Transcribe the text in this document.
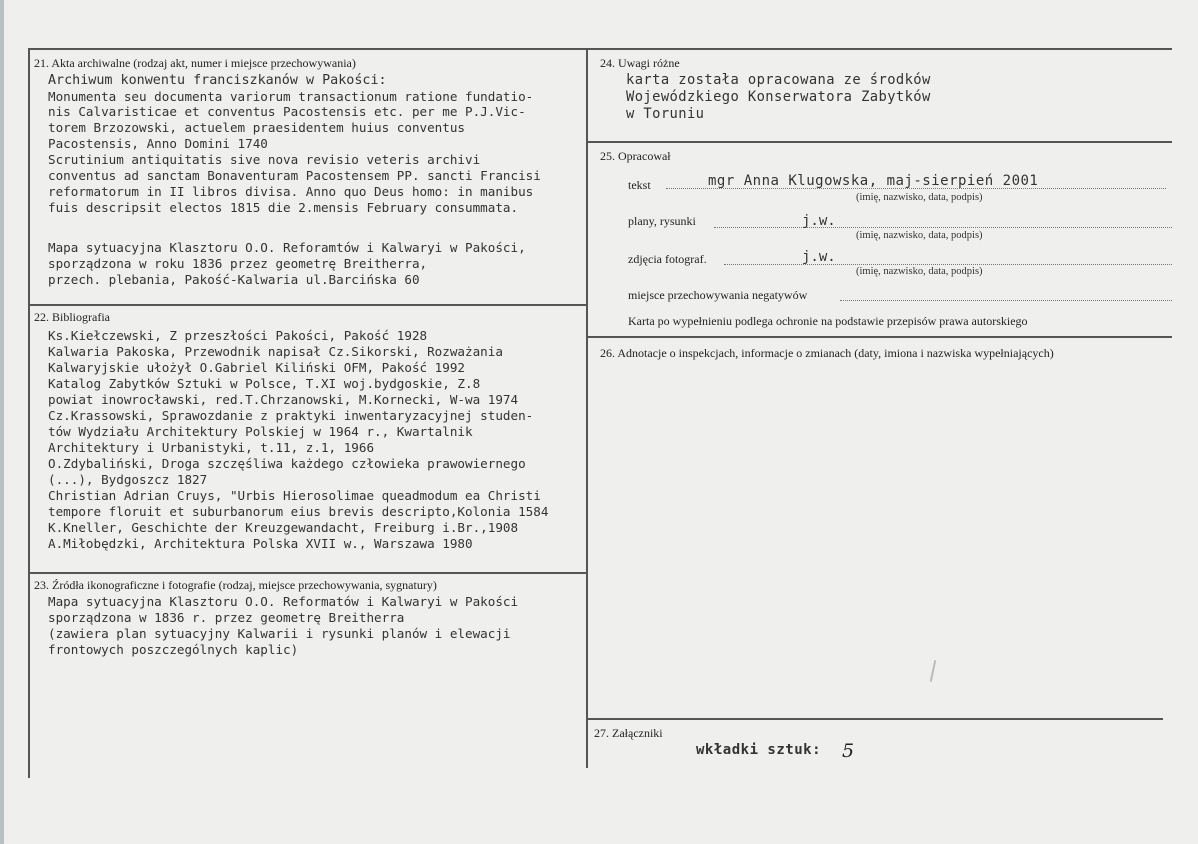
21. Akta archiwalne (rodzaj akt, numer i miejsce przechowywania)
Archiwum konwentu franciszkanów w Pakości:
Monumenta seu documenta variorum transactionum ratione fundatio-
nis Calvaristicae et conventus Pacostensis etc. per me P.J.Vic-
torem Brzozowski, actuelem praesidentem huius conventus
Pacostensis, Anno Domini 1740
Scrutinium antiquitatis sive nova revisio veteris archivi
conventus ad sanctam Bonaventuram Pacostensem PP. sancti Francisi
reformatorum in II libros divisa. Anno quo Deus homo: in manibus
fuis descripsit electos 1815 die 2.mensis February consummata.
Mapa sytuacyjna Klasztoru O.O. Reforamtów i Kalwaryi w Pakości,
sporządzona w roku 1836 przez geometrę Breitherra,
przech. plebania, Pakość-Kalwaria ul.Barcińska 60
22. Bibliografia
Ks.Kiełczewski, Z przeszłości Pakości, Pakość 1928
Kalwaria Pakoska, Przewodnik napisał Cz.Sikorski, Rozważania
Kalwaryjskie ułożył O.Gabriel Kiliński OFM, Pakość 1992
Katalog Zabytków Sztuki w Polsce, T.XI woj.bydgoskie, Z.8
powiat inowrocławski, red.T.Chrzanowski, M.Kornecki, W-wa 1974
Cz.Krassowski, Sprawozdanie z praktyki inwentaryzacyjnej studen-
tów Wydziału Architektury Polskiej w 1964 r., Kwartalnik
Architektury i Urbanistyki, t.11, z.1, 1966
O.Zdybaliński, Droga szczęśliwa każdego człowieka prawowiernego
(...), Bydgoszcz 1827
Christian Adrian Cruys, "Urbis Hierosolimae queadmodum ea Christi
tempore floruit et suburbanorum eius brevis descripto,Kolonia 1584
K.Kneller, Geschichte der Kreuzgewandacht, Freiburg i.Br.,1908
A.Miłobędzki, Architektura Polska XVII w., Warszawa 1980
23. Źródła ikonograficzne i fotografie (rodzaj, miejsce przechowywania, sygnatury)
Mapa sytuacyjna Klasztoru O.O. Reformatów i Kalwaryi w Pakości
sporządzona w 1836 r. przez geometrę Breitherra
(zawiera plan sytuacyjny Kalwarii i rysunki planów i elewacji
frontowych poszczególnych kaplic)
24. Uwagi różne
karta została opracowana ze środków
Wojewódzkiego Konserwatora Zabytków
w Toruniu
25. Opracował
tekst	mgr Anna Klugowska, maj-sierpień 2001
(imię, nazwisko, data, podpis)
plany, rysunki	j.w.
(imię, nazwisko, data, podpis)
zdjęcia fotograf.	j.w.
(imię, nazwisko, data, podpis)
miejsce przechowywania negatywów
Karta po wypełnieniu podlega ochronie na podstawie przepisów prawa autorskiego
26. Adnotacje o inspekcjach, informacje o zmianach (daty, imiona i nazwiska wypełniających)
27. Załączniki
wkładki sztuk: 5
